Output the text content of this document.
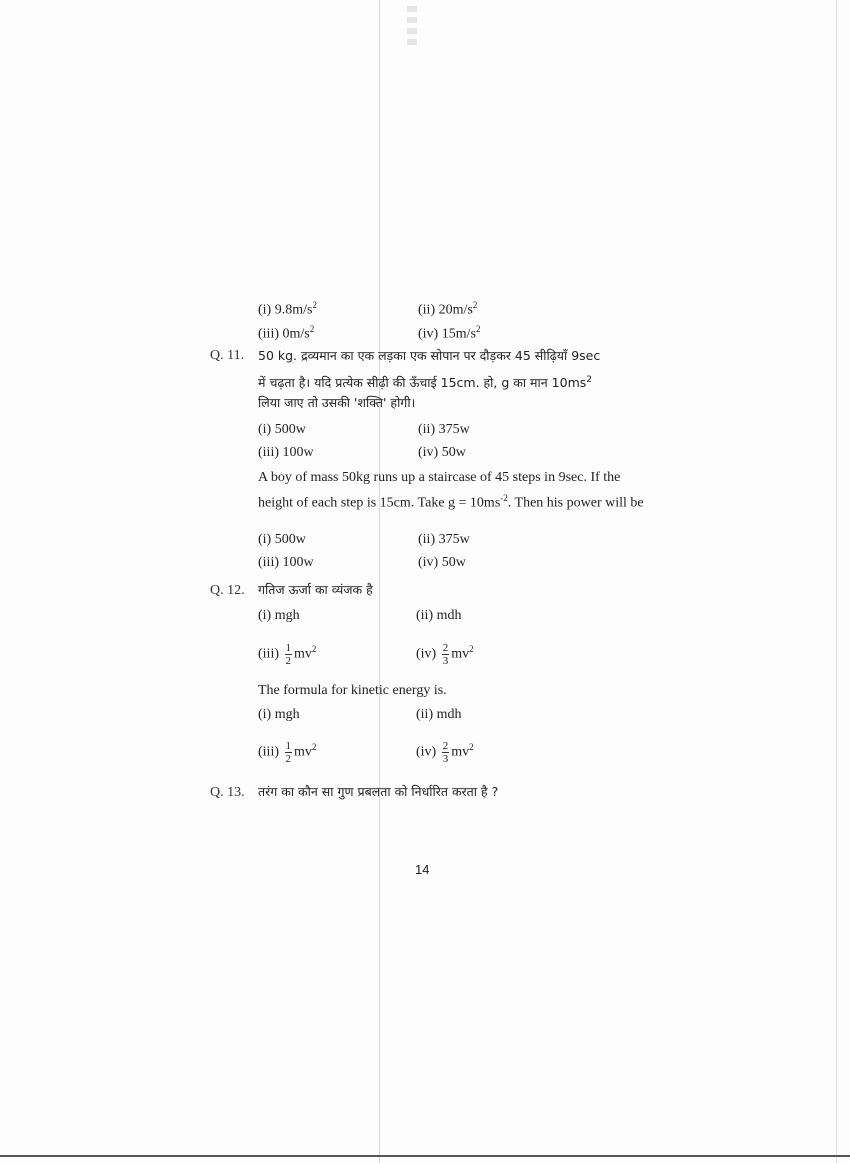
(i) $9.8m/s^2$	(ii) $20m/s^2$
(iii) $0m/s^2$	(iv) $15m/s^2$
Q. 11. 50 kg. द्रव्यमान का एक लड़का एक सोपान पर दौड़कर 45 सीढ़ियाँ 9sec
में चढ़ता है। यदि प्रत्येक सीढ़ी की ऊँचाई 15cm. हो, g का मान $10ms^2$
लिया जाए तो उसकी 'शक्ति' होगी।
(i) 500w	(ii) 375w
(iii) 100w	(iv) 50w
A boy of mass 50kg runs up a staircase of 45 steps in 9sec. If the height of each step is 15cm. Take $g = 10ms^{-2}$. Then his power will be
(i) 500w	(ii) 375w
(iii) 100w	(iv) 50w
Q. 12. गतिज ऊर्जा का व्यंजक है
(i) mgh	(ii) mdh
$(iii) \frac{1}{2} mv^2$	$(iv) \frac{2}{3} mv^2$
The formula for kinetic energy is.
(i) mgh	(ii) mdh
$(iii) \frac{1}{2} mv^2$	$(iv) \frac{2}{3} mv^2$
Q. 13. तरंग का कौन सा गुण प्रबलता को निर्धारित करता है ?
14
